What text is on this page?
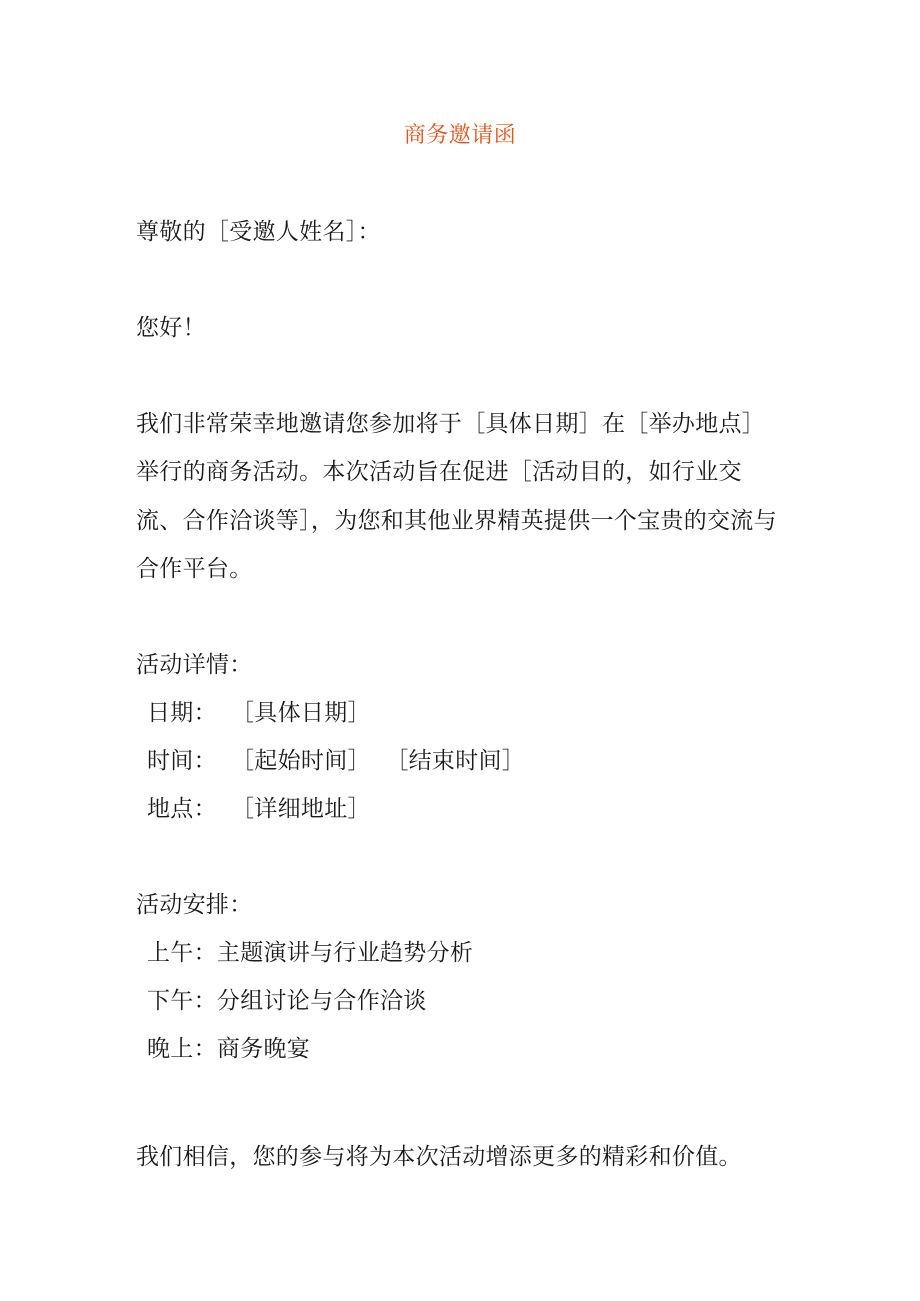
商务邀请函
尊敬的［受邀人姓名］：
您好！
我们非常荣幸地邀请您参加将于［具体日期］在［举办地点］
举行的商务活动。本次活动旨在促进［活动目的，如行业交
流、合作洽谈等］，为您和其他业界精英提供一个宝贵的交流与
合作平台。
活动详情：
日期： ［具体日期］
时间： ［起始时间］ ［结束时间］
地点： ［详细地址］
活动安排：
上午：主题演讲与行业趋势分析
下午：分组讨论与合作洽谈
晚上：商务晚宴
我们相信，您的参与将为本次活动增添更多的精彩和价值。
